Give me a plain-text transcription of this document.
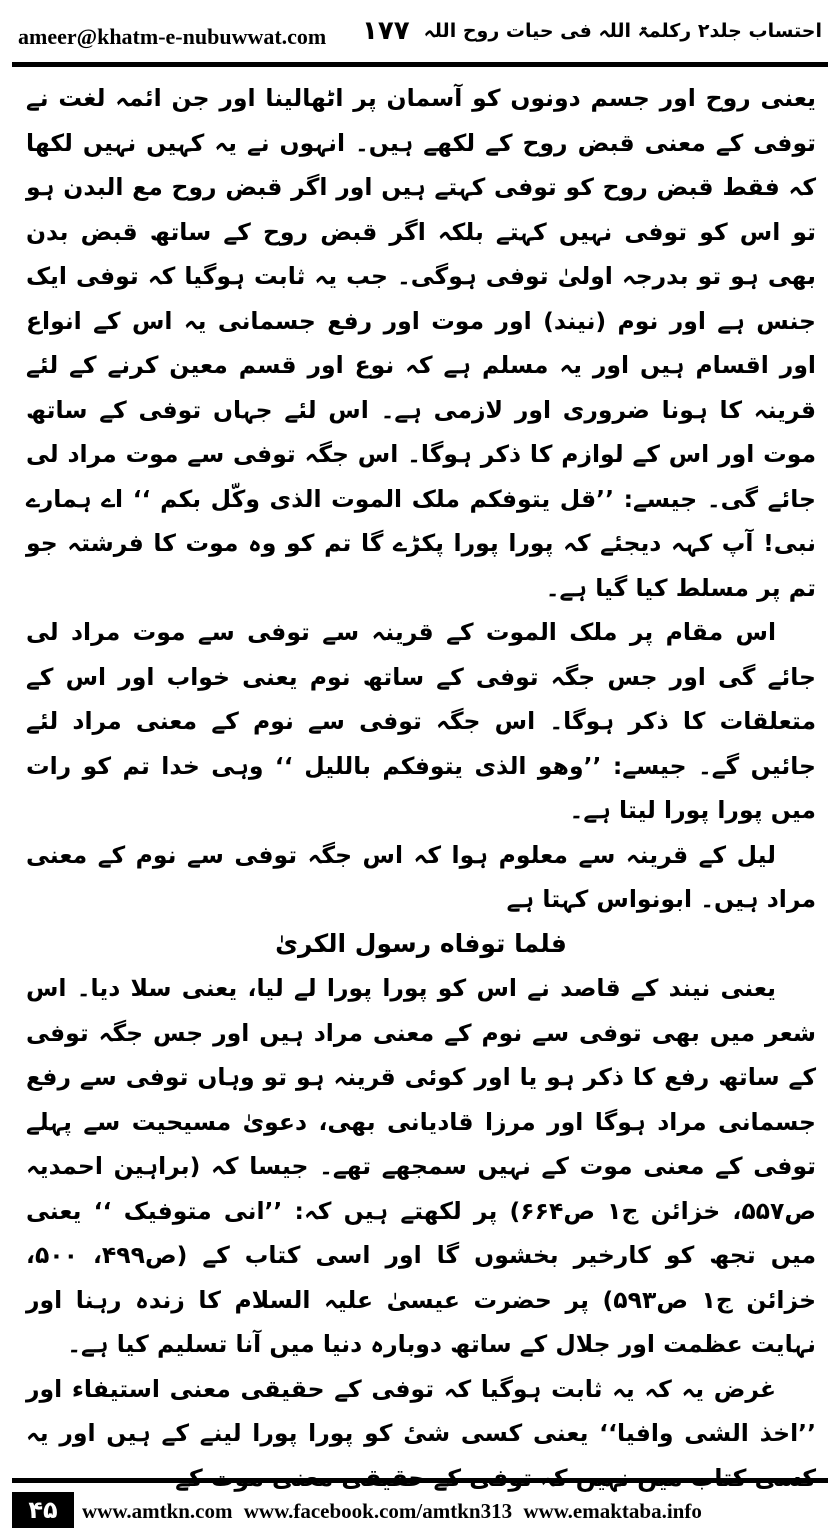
ameer@khatm-e-nubuwwat.com ۱۷۷ احتساب جلد۲ رکلمۃ اللہ فی حیات روح اللہ

یعنی روح اور جسم دونوں کو آسمان پر اٹھالینا اور جن ائمہ لغت نے توفی کے معنی قبض روح کے لکھے ہیں۔ انہوں نے یہ کہیں نہیں لکھا کہ فقط قبض روح کو توفی کہتے ہیں اور اگر قبض روح مع البدن ہو تو اس کو توفی نہیں کہتے بلکہ اگر قبض روح کے ساتھ قبض بدن بھی ہو تو بدرجہ اولیٰ توفی ہوگی۔ جب یہ ثابت ہوگیا کہ توفی ایک جنس ہے اور نوم (نیند) اور موت اور رفع جسمانی یہ اس کے انواع اور اقسام ہیں اور یہ مسلم ہے کہ نوع اور قسم معین کرنے کے لئے قرینہ کا ہونا ضروری اور لازمی ہے۔ اس لئے جہاں توفی کے ساتھ موت اور اس کے لوازم کا ذکر ہوگا۔ اس جگہ توفی سے موت مراد لی جائے گی۔ جیسے: ’’قل یتوفکم ملک الموت الذی وکّل بکم ‘‘ اے ہمارے نبی! آپ کہہ دیجئے کہ پورا پورا پکڑے گا تم کو وہ موت کا فرشتہ جو تم پر مسلط کیا گیا ہے۔

اس مقام پر ملک الموت کے قرینہ سے توفی سے موت مراد لی جائے گی اور جس جگہ توفی کے ساتھ نوم یعنی خواب اور اس کے متعلقات کا ذکر ہوگا۔ اس جگہ توفی سے نوم کے معنی مراد لئے جائیں گے۔ جیسے: ’’وھو الذی یتوفکم باللیل ‘‘ وہی خدا تم کو رات میں پورا پورا لیتا ہے۔

لیل کے قرینہ سے معلوم ہوا کہ اس جگہ توفی سے نوم کے معنی مراد ہیں۔ ابونواس کہتا ہے

فلما توفاه رسول الکریٰ

یعنی نیند کے قاصد نے اس کو پورا پورا لے لیا، یعنی سلا دیا۔ اس شعر میں بھی توفی سے نوم کے معنی مراد ہیں اور جس جگہ توفی کے ساتھ رفع کا ذکر ہو یا اور کوئی قرینہ ہو تو وہاں توفی سے رفع جسمانی مراد ہوگا اور مرزا قادیانی بھی، دعویٰ مسیحیت سے پہلے توفی کے معنی موت کے نہیں سمجھے تھے۔ جیسا کہ (براہین احمدیہ ص۵۵۷، خزائن ج۱ ص۶۶۴) پر لکھتے ہیں کہ: ’’انی متوفیک ‘‘ یعنی میں تجھ کو کارخیر بخشوں گا اور اسی کتاب کے (ص۴۹۹، ۵۰۰، خزائن ج۱ ص۵۹۳) پر حضرت عیسیٰ علیہ السلام کا زندہ رہنا اور نہایت عظمت اور جلال کے ساتھ دوبارہ دنیا میں آنا تسلیم کیا ہے۔

غرض یہ کہ یہ ثابت ہوگیا کہ توفی کے حقیقی معنی استیفاء اور ’’اخذ الشی وافیا‘‘ یعنی کسی شیٔ کو پورا پورا لینے کے ہیں اور یہ

۴۵	www.amtkn.com www.facebook.com/amtkn313 www.emaktaba.info
